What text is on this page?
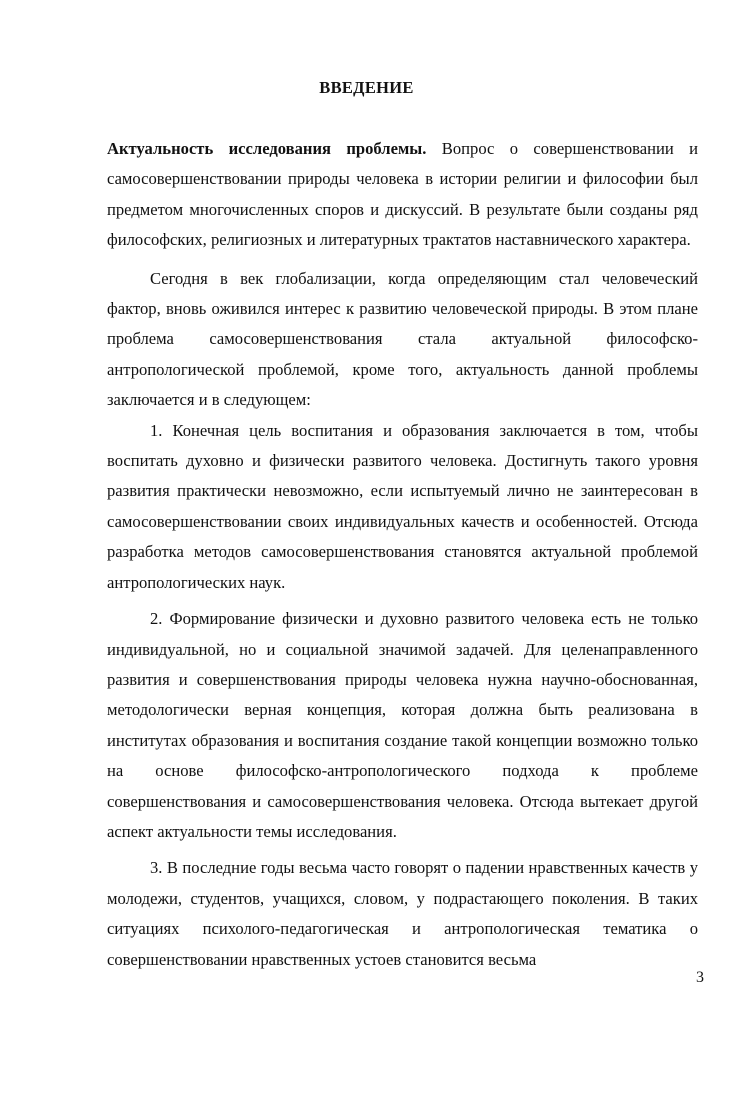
ВВЕДЕНИЕ

Актуальность исследования проблемы. Вопрос о совершенствовании и самосовершенствовании природы человека в истории религии и философии был предметом многочисленных споров и дискуссий. В результате были созданы ряд философских, религиозных и литературных трактатов наставнического характера.

Сегодня в век глобализации, когда определяющим стал человеческий фактор, вновь оживился интерес к развитию человеческой природы. В этом плане проблема самосовершенствования стала актуальной философско-антропологической проблемой, кроме того, актуальность данной проблемы заключается и в следующем:

1. Конечная цель воспитания и образования заключается в том, чтобы воспитать духовно и физически развитого человека. Достигнуть такого уровня развития практически невозможно, если испытуемый лично не заинтересован в самосовершенствовании своих индивидуальных качеств и особенностей. Отсюда разработка методов самосовершенствования становятся актуальной проблемой антропологических наук.

2. Формирование физически и духовно развитого человека есть не только индивидуальной, но и социальной значимой задачей. Для целенаправленного развития и совершенствования природы человека нужна научно-обоснованная, методологически верная концепция, которая должна быть реализована в институтах образования и воспитания создание такой концепции возможно только на основе философско-антропологического подхода к проблеме совершенствования и самосовершенствования человека. Отсюда вытекает другой аспект актуальности темы исследования.

3. В последние годы весьма часто говорят о падении нравственных качеств у молодежи, студентов, учащихся, словом, у подрастающего поколения. В таких ситуациях психолого-педагогическая и антропологическая тематика о совершенствовании нравственных устоев становится весьма

3
